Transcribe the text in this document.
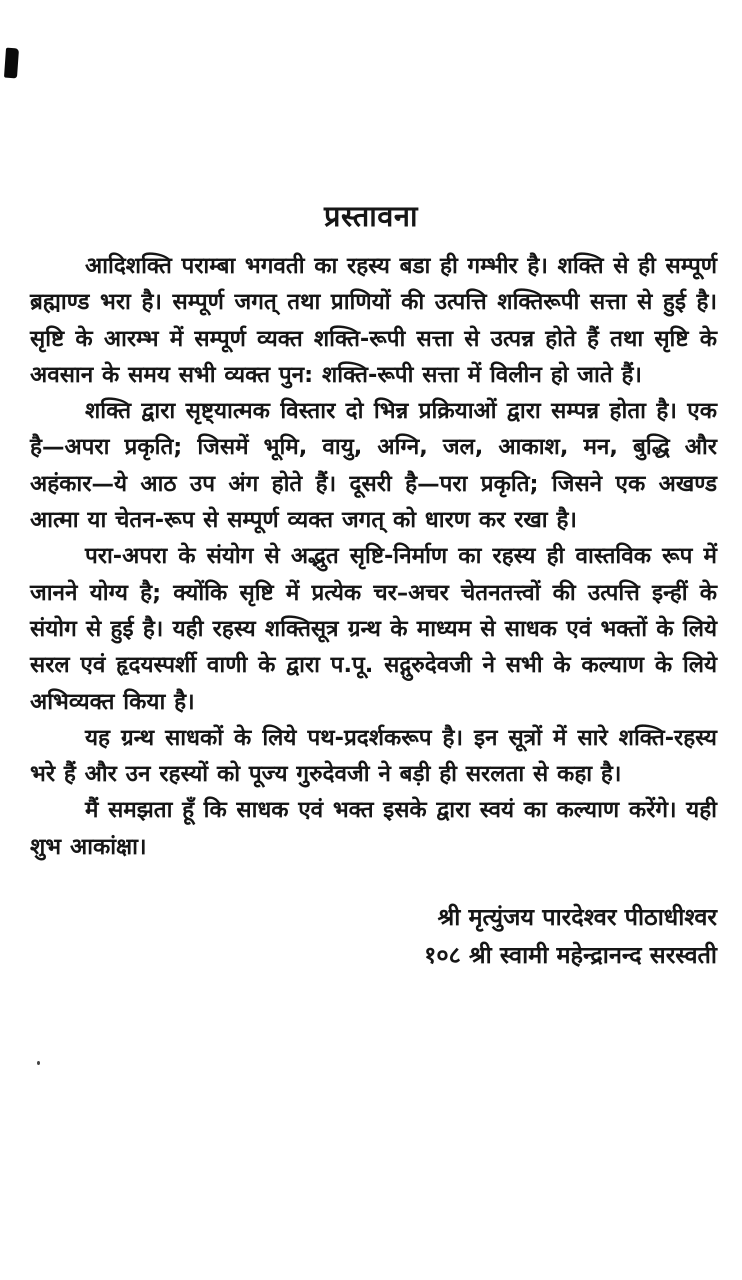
प्रस्तावना

आदिशक्ति पराम्बा भगवती का रहस्य बडा ही गम्भीर है। शक्ति से ही सम्पूर्ण ब्रह्माण्ड भरा है। सम्पूर्ण जगत् तथा प्राणियों की उत्पत्ति शक्तिरूपी सत्ता से हुई है। सृष्टि के आरम्भ में सम्पूर्ण व्यक्त शक्ति-रूपी सत्ता से उत्पन्न होते हैं तथा सृष्टि के अवसान के समय सभी व्यक्त पुन: शक्ति-रूपी सत्ता में विलीन हो जाते हैं।

शक्ति द्वारा सृष्ट्यात्मक विस्तार दो भिन्न प्रक्रियाओं द्वारा सम्पन्न होता है। एक है—अपरा प्रकृति; जिसमें भूमि, वायु, अग्नि, जल, आकाश, मन, बुद्धि और अहंकार—ये आठ उप अंग होते हैं। दूसरी है—परा प्रकृति; जिसने एक अखण्ड आत्मा या चेतन-रूप से सम्पूर्ण व्यक्त जगत् को धारण कर रखा है।

परा-अपरा के संयोग से अद्भुत सृष्टि-निर्माण का रहस्य ही वास्तविक रूप में जानने योग्य है; क्योंकि सृष्टि में प्रत्येक चर–अचर चेतनतत्त्वों की उत्पत्ति इन्हीं के संयोग से हुई है। यही रहस्य शक्तिसूत्र ग्रन्थ के माध्यम से साधक एवं भक्तों के लिये सरल एवं हृदयस्पर्शी वाणी के द्वारा प.पू. सद्गुरुदेवजी ने सभी के कल्याण के लिये अभिव्यक्त किया है।

यह ग्रन्थ साधकों के लिये पथ-प्रदर्शकरूप है। इन सूत्रों में सारे शक्ति-रहस्य भरे हैं और उन रहस्यों को पूज्य गुरुदेवजी ने बड़ी ही सरलता से कहा है।

मैं समझता हूँ कि साधक एवं भक्त इसके द्वारा स्वयं का कल्याण करेंगे। यही शुभ आकांक्षा।

श्री मृत्युंजय पारदेश्वर पीठाधीश्वर
१०८ श्री स्वामी महेन्द्रानन्द सरस्वती
